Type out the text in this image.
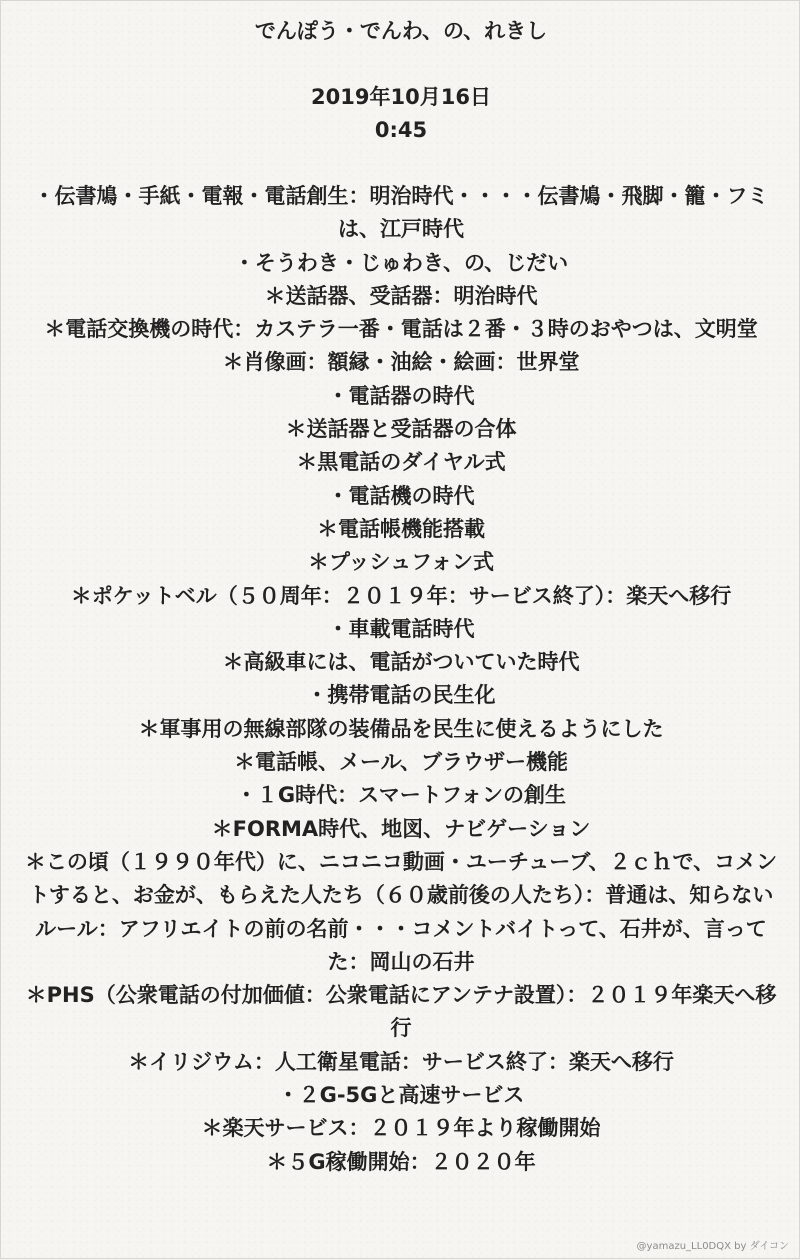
でんぽう・でんわ、の、れきし
2019年10月16日
0:45
・伝書鳩・手紙・電報・電話創生：明治時代・・・・伝書鳩・飛脚・籠・フミは、江戸時代
・そうわき・じゅわき、の、じだい
＊送話器、受話器：明治時代
＊電話交換機の時代：カステラ一番・電話は２番・３時のおやつは、文明堂
＊肖像画：額縁・油絵・絵画：世界堂
・電話器の時代
＊送話器と受話器の合体
＊黒電話のダイヤル式
・電話機の時代
＊電話帳機能搭載
＊プッシュフォン式
＊ポケットベル（５０周年：２０１９年：サービス終了）：楽天へ移行
・車載電話時代
＊高級車には、電話がついていた時代
・携帯電話の民生化
＊軍事用の無線部隊の装備品を民生に使えるようにした
＊電話帳、メール、ブラウザー機能
・１G時代：スマートフォンの創生
＊FORMA時代、地図、ナビゲーション
＊この頃（１９９０年代）に、ニコニコ動画・ユーチューブ、２ｃｈで、コメントすると、お金が、もらえた人たち（６０歳前後の人たち）：普通は、知らないルール：アフリエイトの前の名前・・・コメントバイトって、石井が、言ってた：岡山の石井
＊PHS（公衆電話の付加価値：公衆電話にアンテナ設置）：２０１９年楽天へ移行
＊イリジウム：人工衛星電話：サービス終了：楽天へ移行
・２G-5Gと高速サービス
＊楽天サービス：２０１９年より稼働開始
＊５G稼働開始：２０２０年
@yamazu_LL0DQX by ダイコン
